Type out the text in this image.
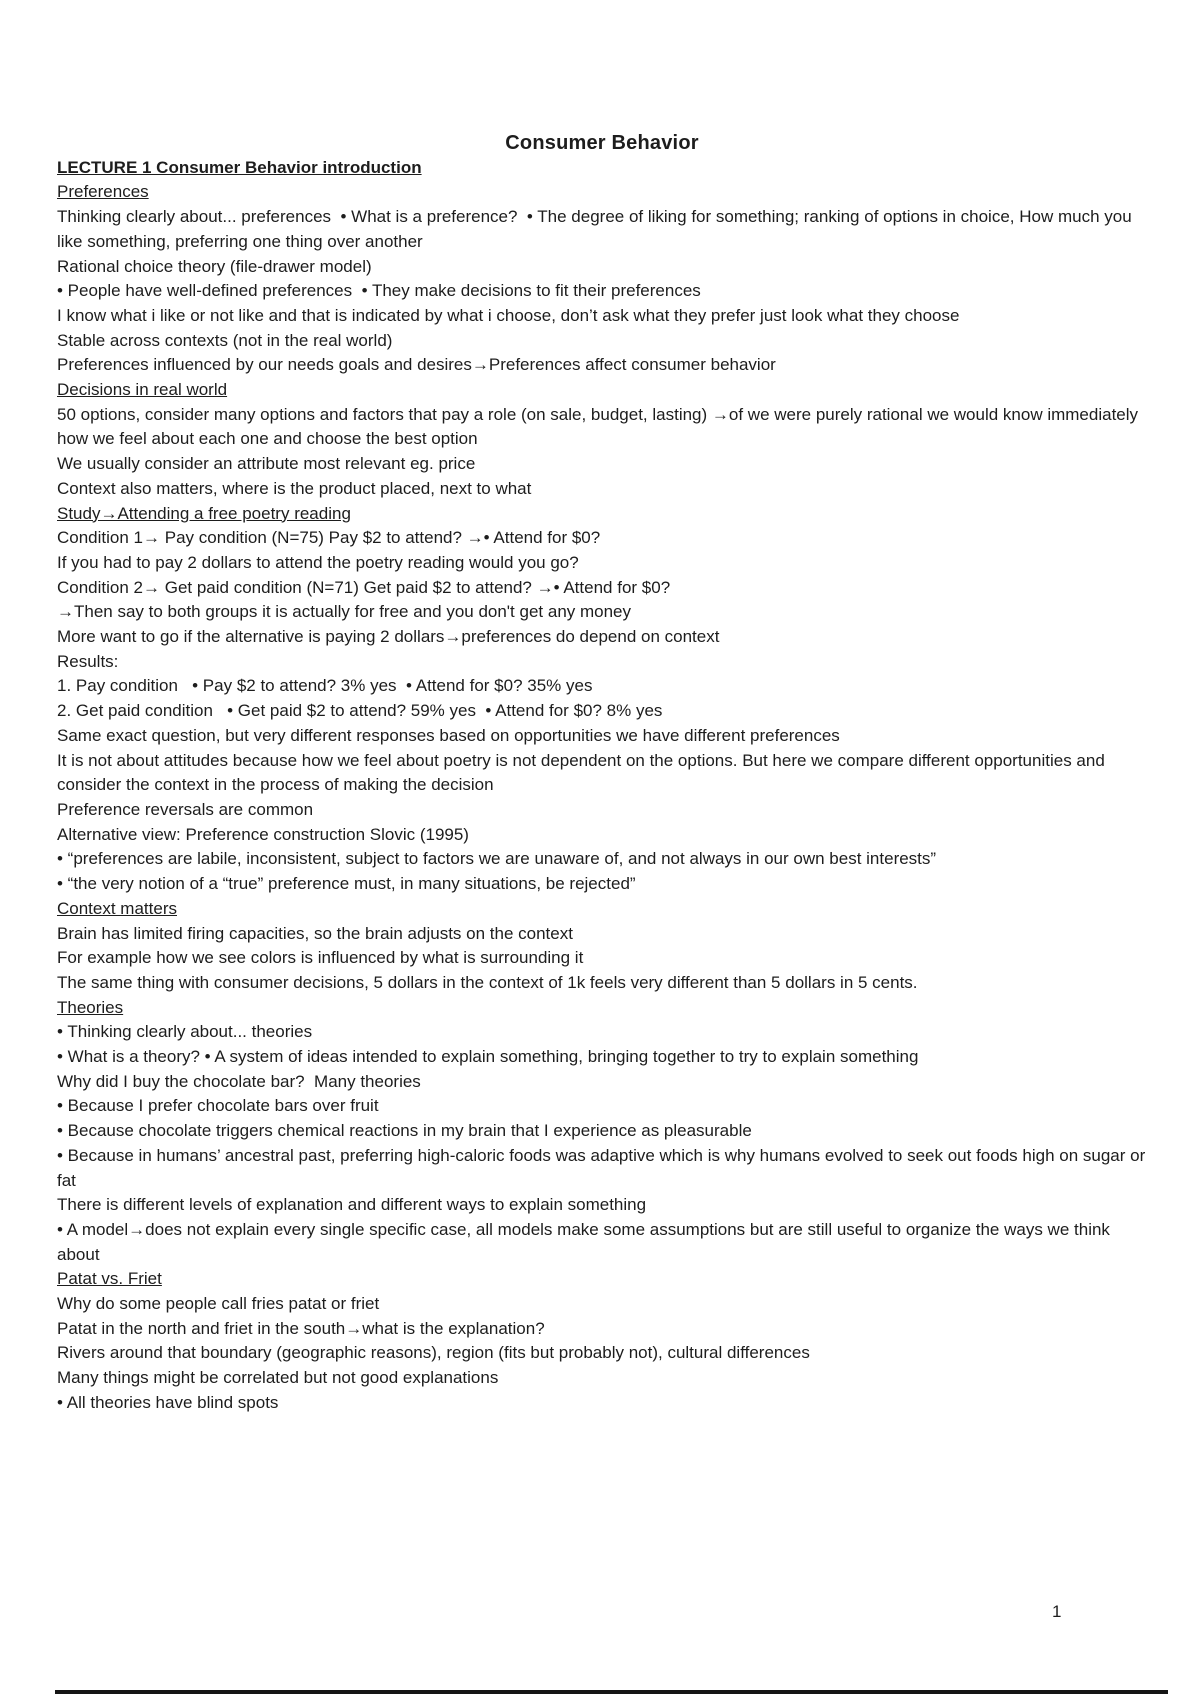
Consumer Behavior
LECTURE 1 Consumer Behavior introduction
Preferences
Thinking clearly about... preferences  • What is a preference?  • The degree of liking for something; ranking of options in choice, How much you like something, preferring one thing over another
Rational choice theory (file-drawer model)
• People have well-defined preferences  • They make decisions to fit their preferences
I know what i like or not like and that is indicated by what i choose, don’t ask what they prefer just look what they choose
Stable across contexts (not in the real world)
Preferences influenced by our needs goals and desires→Preferences affect consumer behavior
Decisions in real world
50 options, consider many options and factors that pay a role (on sale, budget, lasting) →of we were purely rational we would know immediately how we feel about each one and choose the best option
We usually consider an attribute most relevant eg. price
Context also matters, where is the product placed, next to what
Study→Attending a free poetry reading
Condition 1→ Pay condition (N=75) Pay $2 to attend? →• Attend for $0?
If you had to pay 2 dollars to attend the poetry reading would you go?
Condition 2→ Get paid condition (N=71) Get paid $2 to attend? →• Attend for $0?
→Then say to both groups it is actually for free and you don't get any money
More want to go if the alternative is paying 2 dollars→preferences do depend on context
Results:
1. Pay condition   • Pay $2 to attend? 3% yes  • Attend for $0? 35% yes
2. Get paid condition   • Get paid $2 to attend? 59% yes  • Attend for $0? 8% yes
Same exact question, but very different responses based on opportunities we have different preferences
It is not about attitudes because how we feel about poetry is not dependent on the options. But here we compare different opportunities and consider the context in the process of making the decision
Preference reversals are common
Alternative view: Preference construction Slovic (1995)
• “preferences are labile, inconsistent, subject to factors we are unaware of, and not always in our own best interests”
• “the very notion of a “true” preference must, in many situations, be rejected”
Context matters
Brain has limited firing capacities, so the brain adjusts on the context
For example how we see colors is influenced by what is surrounding it
The same thing with consumer decisions, 5 dollars in the context of 1k feels very different than 5 dollars in 5 cents.
Theories
• Thinking clearly about... theories
• What is a theory? • A system of ideas intended to explain something, bringing together to try to explain something
Why did I buy the chocolate bar?  Many theories
• Because I prefer chocolate bars over fruit
• Because chocolate triggers chemical reactions in my brain that I experience as pleasurable
• Because in humans’ ancestral past, preferring high-caloric foods was adaptive which is why humans evolved to seek out foods high on sugar or fat
There is different levels of explanation and different ways to explain something
• A model→does not explain every single specific case, all models make some assumptions but are still useful to organize the ways we think about
Patat vs. Friet
Why do some people call fries patat or friet
Patat in the north and friet in the south→what is the explanation?
Rivers around that boundary (geographic reasons), region (fits but probably not), cultural differences
Many things might be correlated but not good explanations
• All theories have blind spots
1
